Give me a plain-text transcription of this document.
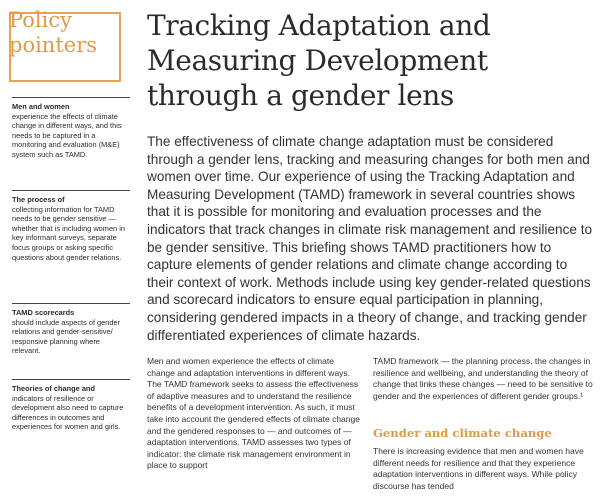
Policy pointers
Men and women
experience the effects of climate change in different ways, and this needs to be captured in a monitoring and evaluation (M&E) system such as TAMD.
The process of
collecting information for TAMD needs to be gender sensitive — whether that is including women in key informant surveys, separate focus groups or asking specific questions about gender relations.
TAMD scorecards
should include aspects of gender relations and gender-sensitive/ responsive planning where relevant.
Theories of change and
indicators of resilience or development also need to capture differences in outcomes and experiences for women and girls.
Tracking Adaptation and Measuring Development through a gender lens

The effectiveness of climate change adaptation must be considered through a gender lens, tracking and measuring changes for both men and women over time. Our experience of using the Tracking Adaptation and Measuring Development (TAMD) framework in several countries shows that it is possible for monitoring and evaluation processes and the indicators that track changes in climate risk management and resilience to be gender sensitive. This briefing shows TAMD practitioners how to capture elements of gender relations and climate change according to their context of work. Methods include using key gender-related questions and scorecard indicators to ensure equal participation in planning, considering gendered impacts in a theory of change, and tracking gender differentiated experiences of climate hazards.

Men and women experience the effects of climate change and adaptation interventions in different ways. The TAMD framework seeks to assess the effectiveness of adaptive measures and to understand the resilience benefits of a development intervention. As such, it must take into account the gendered effects of climate change and the gendered responses to — and outcomes of — adaptation interventions. TAMD assesses two types of indicator: the climate risk management environment in place to support

TAMD framework — the planning process, the changes in resilience and wellbeing, and understanding the theory of change that links these changes — need to be sensitive to gender and the experiences of different gender groups.¹

Gender and climate change

There is increasing evidence that men and women have different needs for resilience and that they experience adaptation interventions in different ways. While policy discourse has tended
